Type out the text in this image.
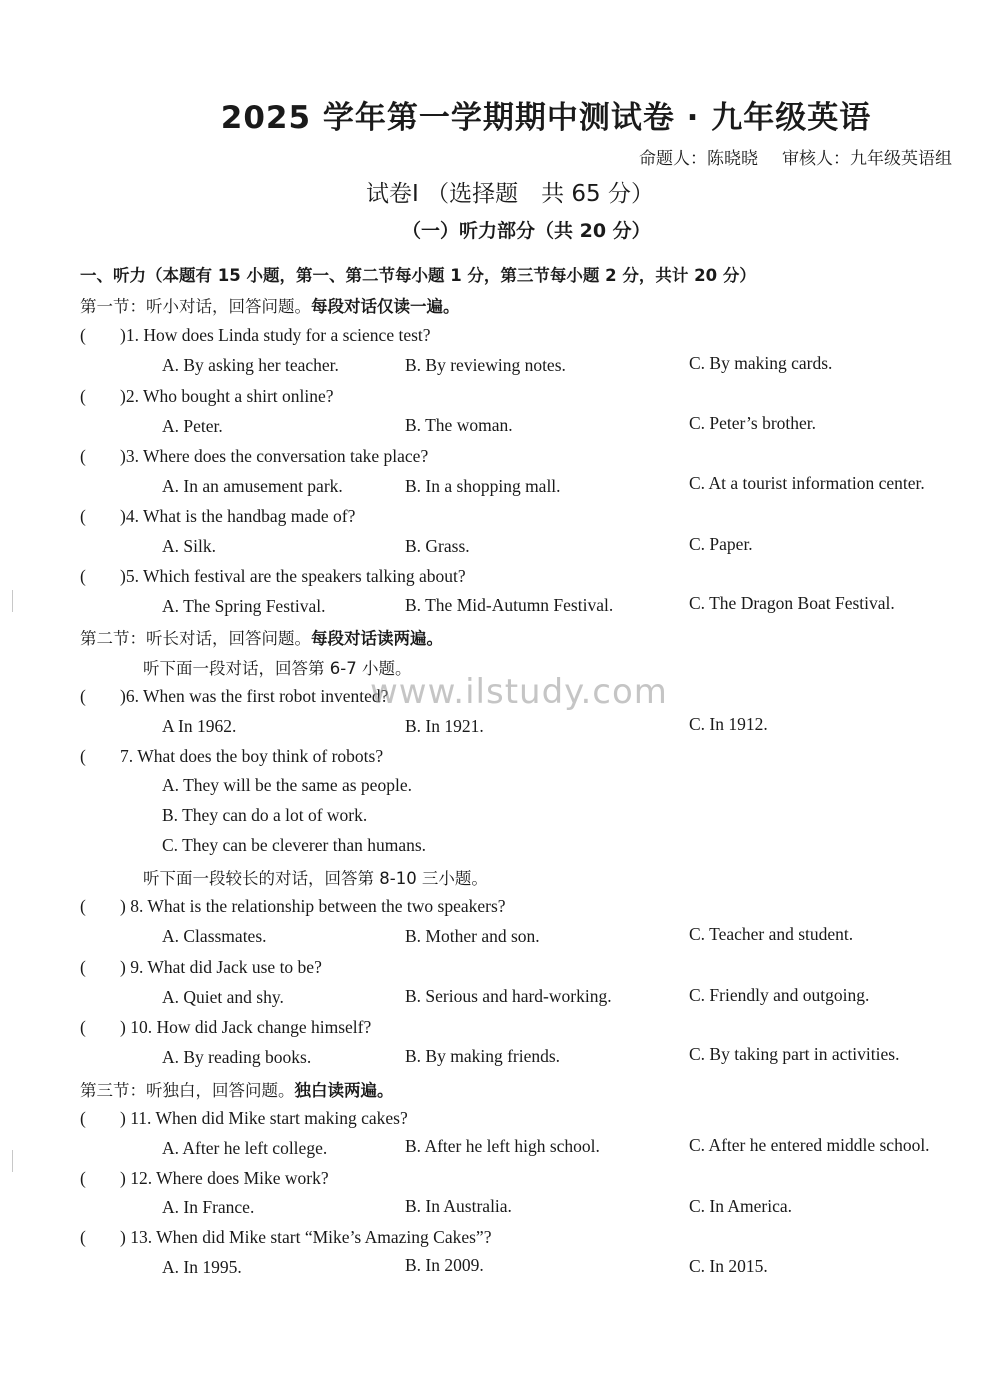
2025 学年第一学期期中测试卷 · 九年级英语
命题人：陈晓晓 审核人：九年级英语组
试卷Ⅰ （选择题　共 65 分）
（一）听力部分（共 20 分）
一、听力（本题有 15 小题，第一、第二节每小题 1 分，第三节每小题 2 分，共计 20 分）
第一节：听小对话，回答问题。每段对话仅读一遍。
( )1. How does Linda study for a science test?
A. By asking her teacher.	B. By reviewing notes.	C. By making cards.
( )2. Who bought a shirt online?
A. Peter.	B. The woman.	C. Peter’s brother.
( )3. Where does the conversation take place?
A. In an amusement park.	B. In a shopping mall.	C. At a tourist information center.
( )4. What is the handbag made of?
A. Silk.	B. Grass.	C. Paper.
( )5. Which festival are the speakers talking about?
A. The Spring Festival.	B. The Mid-Autumn Festival.	C. The Dragon Boat Festival.
第二节：听长对话，回答问题。每段对话读两遍。
听下面一段对话，回答第 6-7 小题。
( )6. When was the first robot invented?
A In 1962.	B. In 1921.	C. In 1912.
( 7. What does the boy think of robots?
A. They will be the same as people.
B. They can do a lot of work.
C. They can be cleverer than humans.
听下面一段较长的对话，回答第 8-10 三小题。
( ) 8. What is the relationship between the two speakers?
A. Classmates.	B. Mother and son.	C. Teacher and student.
( ) 9. What did Jack use to be?
A. Quiet and shy.	B. Serious and hard-working.	C. Friendly and outgoing.
( ) 10. How did Jack change himself?
A. By reading books.	B. By making friends.	C. By taking part in activities.
第三节：听独白，回答问题。独白读两遍。
( ) 11. When did Mike start making cakes?
A. After he left college.	B. After he left high school.	C. After he entered middle school.
( ) 12. Where does Mike work?
A. In France.	B. In Australia.	C. In America.
( ) 13. When did Mike start “Mike’s Amazing Cakes”?
A. In 1995.	B. In 2009.	C. In 2015.
www.ilstudy.com
